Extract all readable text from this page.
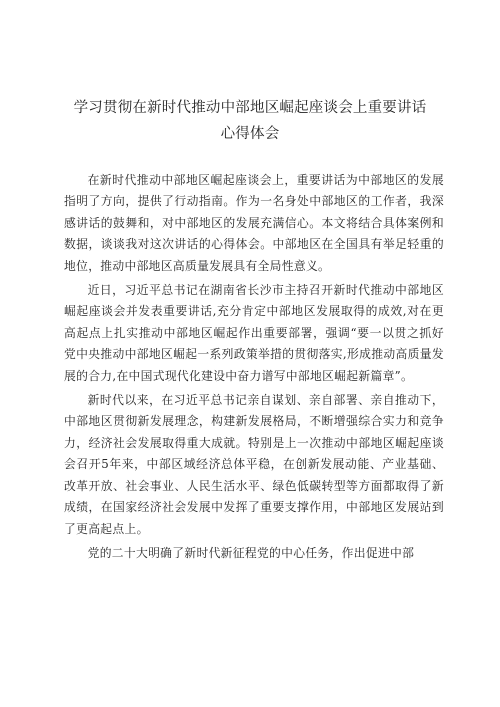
学习贯彻在新时代推动中部地区崛起座谈会上重要讲话
心得体会

在新时代推动中部地区崛起座谈会上，重要讲话为中部地区的发展指明了方向，提供了行动指南。作为一名身处中部地区的工作者，我深感讲话的鼓舞和，对中部地区的发展充满信心。本文将结合具体案例和数据，谈谈我对这次讲话的心得体会。中部地区在全国具有举足轻重的地位，推动中部地区高质量发展具有全局性意义。

近日，习近平总书记在湖南省长沙市主持召开新时代推动中部地区崛起座谈会并发表重要讲话,充分肯定中部地区发展取得的成效,对在更高起点上扎实推动中部地区崛起作出重要部署，强调“要一以贯之抓好党中央推动中部地区崛起一系列政策举措的贯彻落实,形成推动高质量发展的合力,在中国式现代化建设中奋力谱写中部地区崛起新篇章”。

新时代以来，在习近平总书记亲自谋划、亲自部署、亲自推动下，中部地区贯彻新发展理念，构建新发展格局，不断增强综合实力和竞争力，经济社会发展取得重大成就。特别是上一次推动中部地区崛起座谈会召开5年来，中部区域经济总体平稳，在创新发展动能、产业基础、改革开放、社会事业、人民生活水平、绿色低碳转型等方面都取得了新成绩，在国家经济社会发展中发挥了重要支撑作用，中部地区发展站到了更高起点上。

党的二十大明确了新时代新征程党的中心任务，作出促进中部
